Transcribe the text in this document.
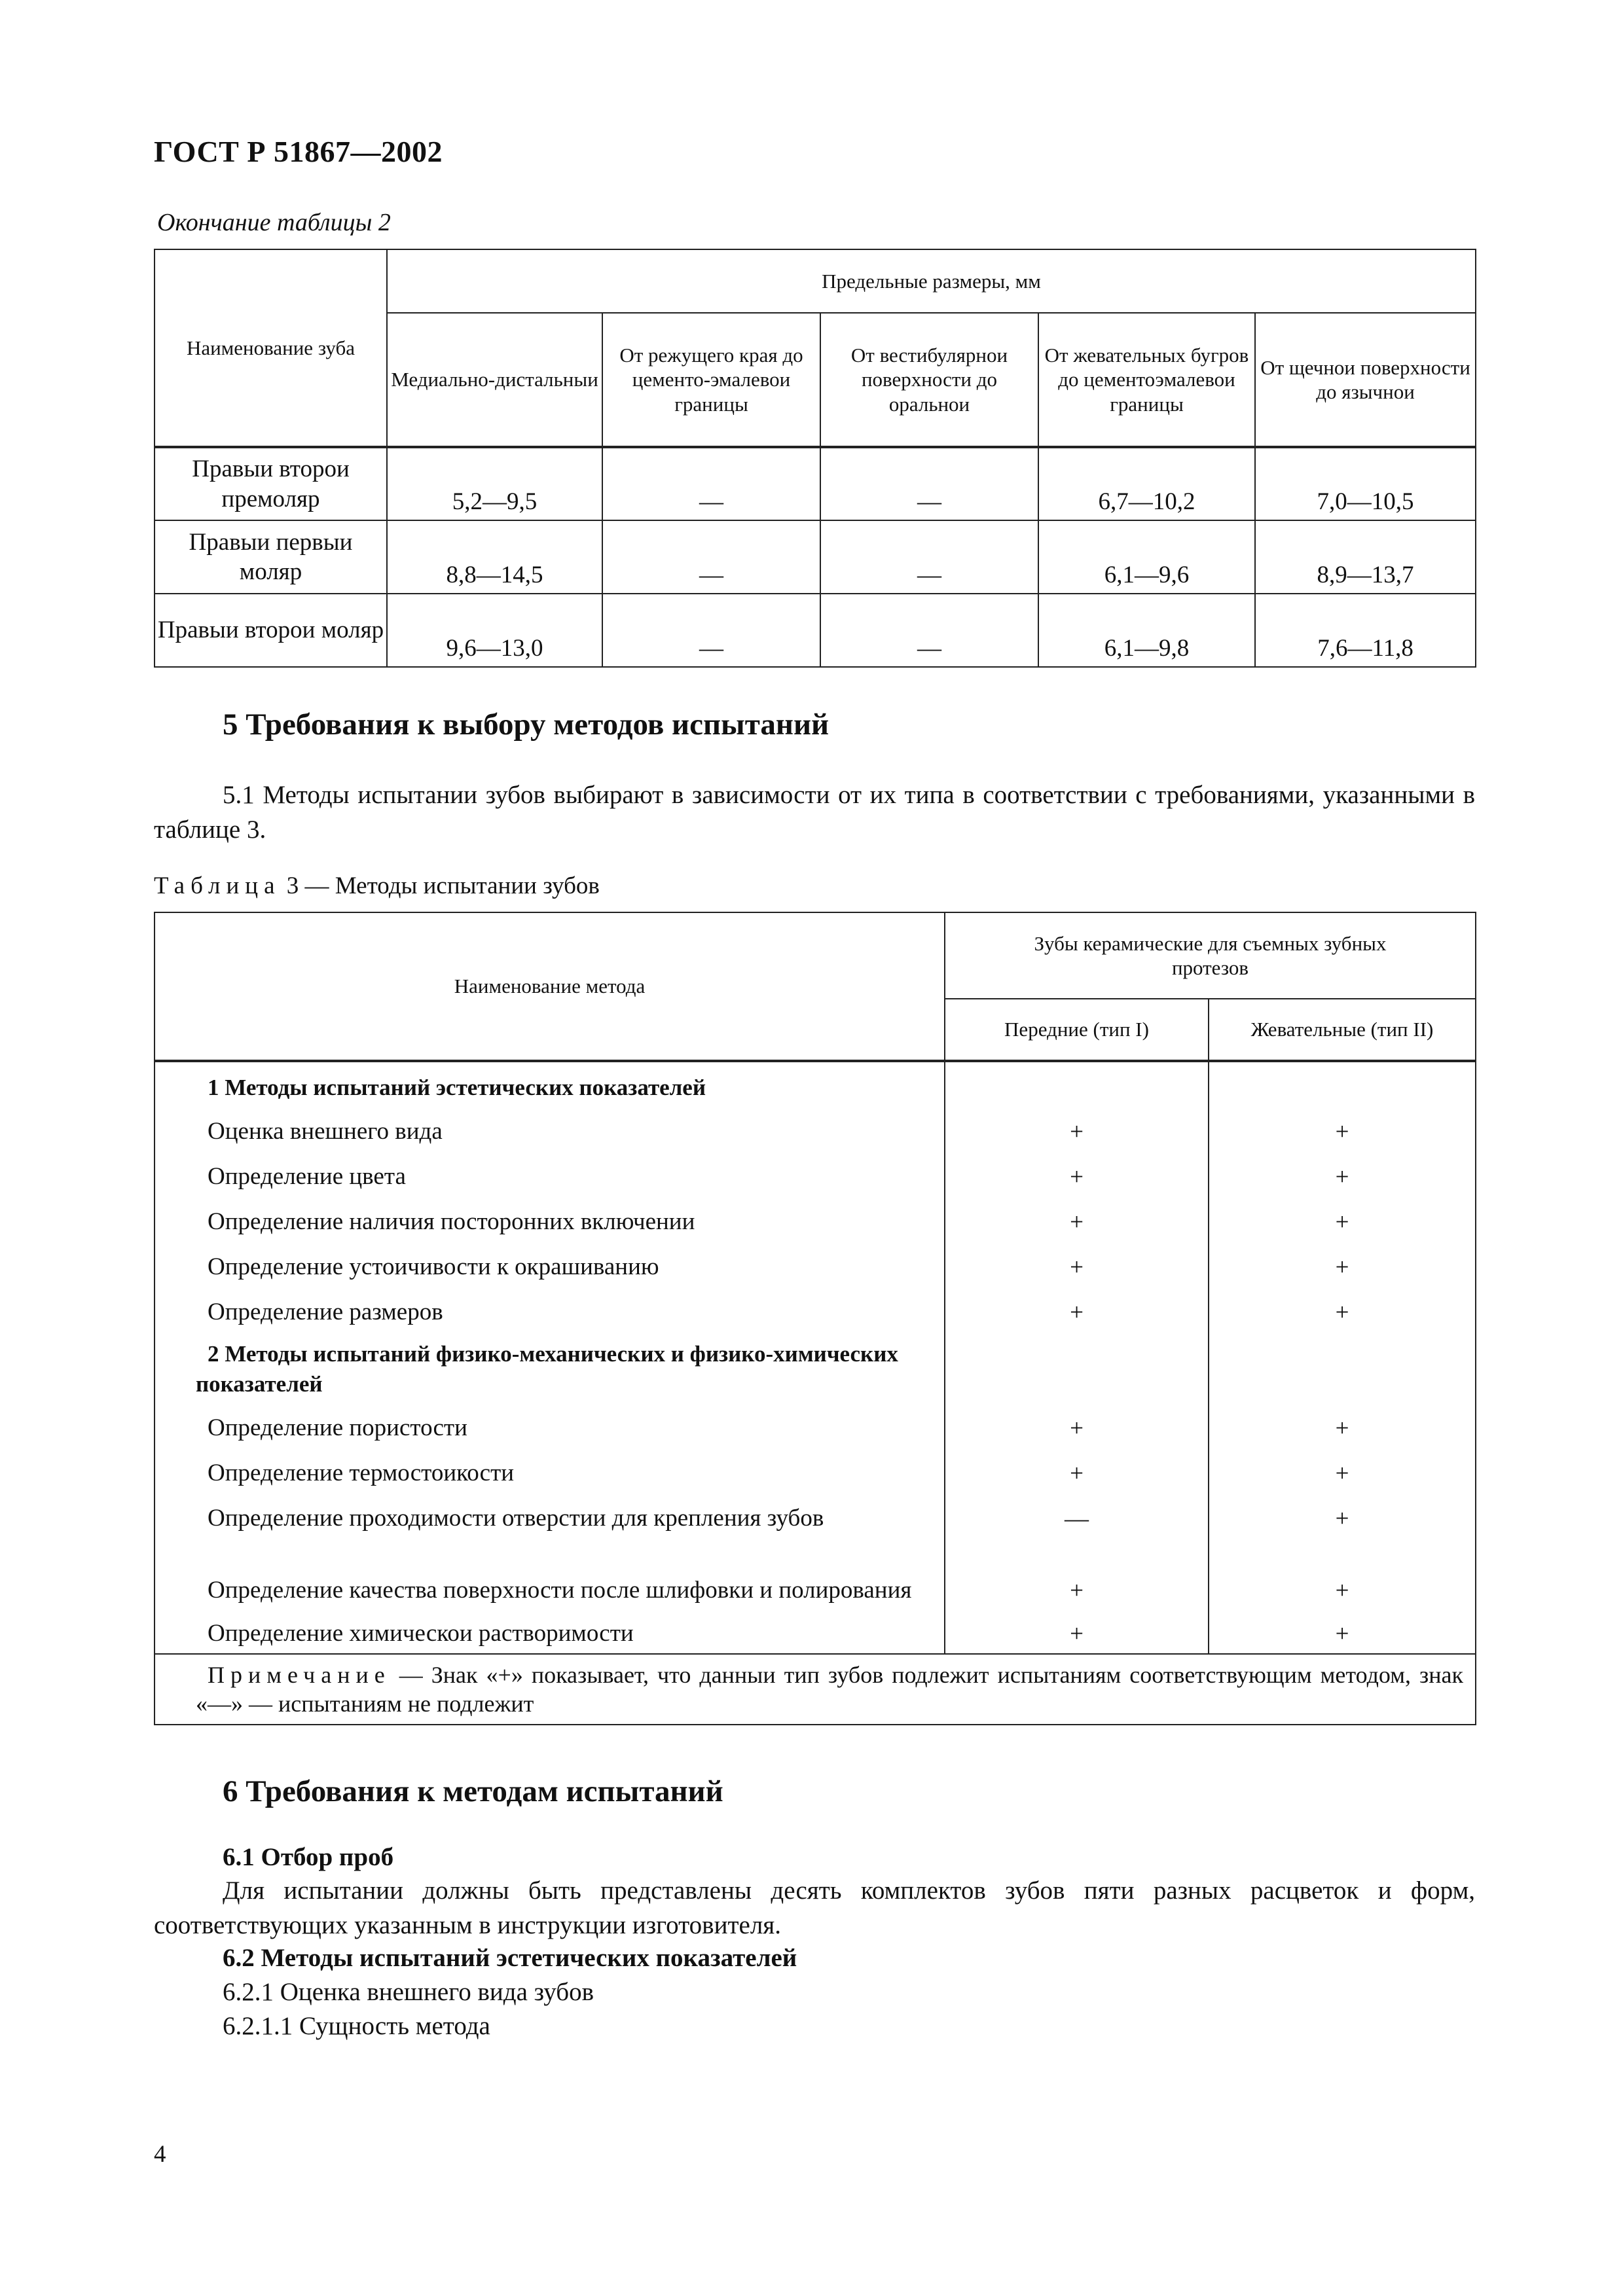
ГОСТ Р 51867—2002
Окончание таблицы 2
Наименование зуба	Предельные размеры, мм				
	Медиально-дистальныи	От режущего края до цементо-эмалевои границы	От вестибулярнои поверхности до оральнои	От жевательных бугров до цементоэмалевои границы	От щечнои поверхности до язычнои
Правыи второи премоляр	5,2—9,5	—	—	6,7—10,2	7,0—10,5
Правыи первыи моляр	8,8—14,5	—	—	6,1—9,6	8,9—13,7
Правыи второи моляр	9,6—13,0	—	—	6,1—9,8	7,6—11,8
5 Требования к выбору методов испытаний
5.1 Методы испытании зубов выбирают в зависимости от их типа в соответствии с требованиями, указанными в таблице 3.
Таблица 3 — Методы испытании зубов
Наименование метода	Зубы керамические для съемных зубных протезов	
	Передние (тип I)	Жевательные (тип II)
1 Методы испытаний эстетических показателей		
Оценка внешнего вида	+	+
Определение цвета	+	+
Определение наличия посторонних включении	+	+
Определение устоичивости к окрашиванию	+	+
Определение размеров	+	+
2 Методы испытаний физико-механических и физико-химических показателей		
Определение пористости	+	+
Определение термостоикости	+	+
Определение проходимости отверстии для крепления зубов	—	+
Определение качества поверхности после шлифовки и полирования	+	+
Определение химическои растворимости	+	+
Примечание — Знак «+» показывает, что данныи тип зубов подлежит испытаниям соответствующим методом, знак «—» — испытаниям не подлежит		
6 Требования к методам испытаний
6.1 Отбор проб
Для испытании должны быть представлены десять комплектов зубов пяти разных расцветок и форм, соответствующих указанным в инструкции изготовителя.
6.2 Методы испытаний эстетических показателей
6.2.1 Оценка внешнего вида зубов
6.2.1.1 Сущность метода
4
